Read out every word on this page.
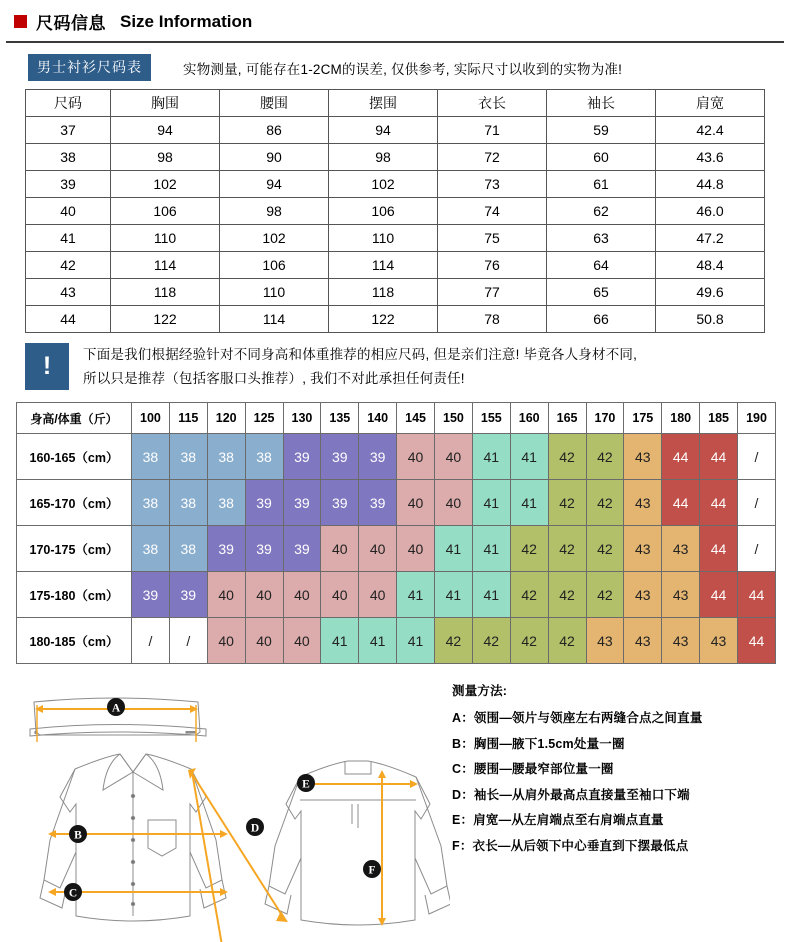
尺码信息 Size Information
男士衬衫尺码表	实物测量, 可能存在1-2CM的误差, 仅供参考, 实际尺寸以收到的实物为准!
尺码	胸围	腰围	摆围	衣长	袖长	肩宽
37	94	86	94	71	59	42.4
38	98	90	98	72	60	43.6
39	102	94	102	73	61	44.8
40	106	98	106	74	62	46.0
41	110	102	110	75	63	47.2
42	114	106	114	76	64	48.4
43	118	110	118	77	65	49.6
44	122	114	122	78	66	50.8
!	下面是我们根据经验针对不同身高和体重推荐的相应尺码, 但是亲们注意! 毕竟各人身材不同,
所以只是推荐（包括客服口头推荐）, 我们不对此承担任何责任!
身高/体重（斤）	100	115	120	125	130	135	140	145	150	155	160	165	170	175	180	185	190
160-165（cm）	38	38	38	38	39	39	39	40	40	41	41	42	42	43	44	44	/
165-170（cm）	38	38	38	39	39	39	39	40	40	41	41	42	42	43	44	44	/
170-175（cm）	38	38	39	39	39	40	40	40	41	41	42	42	42	43	43	44	/
175-180（cm）	39	39	40	40	40	40	40	41	41	41	42	42	42	43	43	44	44
180-185（cm）	/	/	40	40	40	41	41	41	42	42	42	42	43	43	43	43	44
A
B
C
D
E
F
测量方法:
A：领围—领片与领座左右两缝合点之间直量
B：胸围—腋下1.5cm处量一圈
C：腰围—腰最窄部位量一圈
D：袖长—从肩外最高点直接量至袖口下端
E：肩宽—从左肩端点至右肩端点直量
F：衣长—从后领下中心垂直到下摆最低点
